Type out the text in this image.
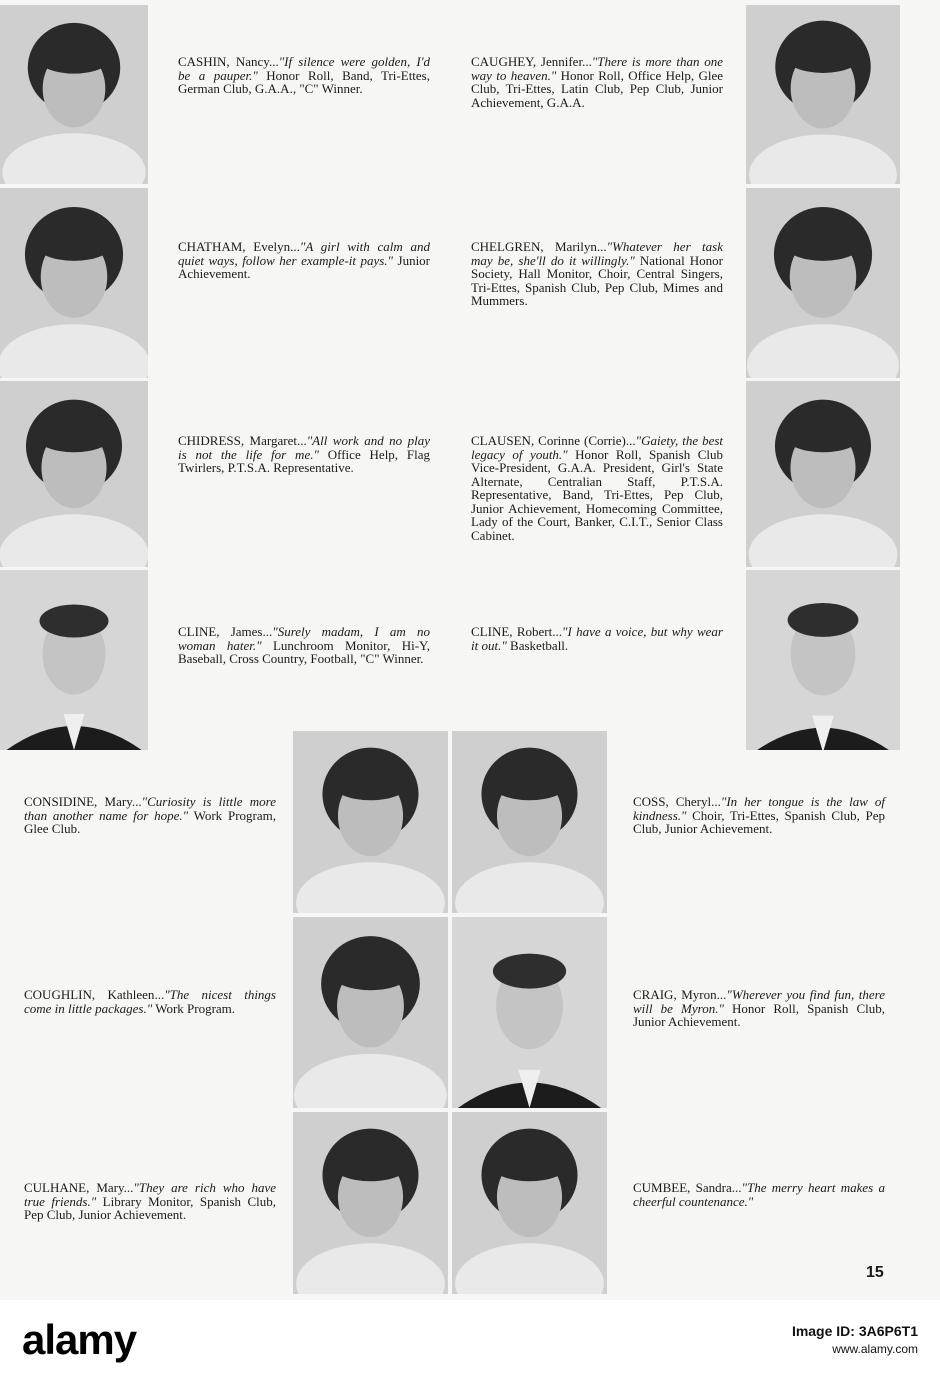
CASHIN, Nancy..."If silence were golden, I'd be a pauper." Honor Roll, Band, Tri-Ettes, German Club, G.A.A., "C" Winner.
CAUGHEY, Jennifer..."There is more than one way to heaven." Honor Roll, Office Help, Glee Club, Tri-Ettes, Latin Club, Pep Club, Junior Achievement, G.A.A.
CHATHAM, Evelyn..."A girl with calm and quiet ways, follow her example-it pays." Junior Achievement.
CHELGREN, Marilyn..."Whatever her task may be, she'll do it willingly." National Honor Society, Hall Monitor, Choir, Central Singers, Tri-Ettes, Spanish Club, Pep Club, Mimes and Mummers.
CHIDRESS, Margaret..."All work and no play is not the life for me." Office Help, Flag Twirlers, P.T.S.A. Representative.
CLAUSEN, Corinne (Corrie)..."Gaiety, the best legacy of youth." Honor Roll, Spanish Club Vice-President, G.A.A. President, Girl's State Alternate, Centralian Staff, P.T.S.A. Representative, Band, Tri-Ettes, Pep Club, Junior Achievement, Homecoming Committee, Lady of the Court, Banker, C.I.T., Senior Class Cabinet.
CLINE, James..."Surely madam, I am no woman hater." Lunchroom Monitor, Hi-Y, Baseball, Cross Country, Football, "C" Winner.
CLINE, Robert..."I have a voice, but why wear it out." Basketball.
CONSIDINE, Mary..."Curiosity is little more than another name for hope." Work Program, Glee Club.
COSS, Cheryl..."In her tongue is the law of kindness." Choir, Tri-Ettes, Spanish Club, Pep Club, Junior Achievement.
COUGHLIN, Kathleen..."The nicest things come in little packages." Work Program.
CRAIG, Myron..."Wherever you find fun, there will be Myron." Honor Roll, Spanish Club, Junior Achievement.
CULHANE, Mary..."They are rich who have true friends." Library Monitor, Spanish Club, Pep Club, Junior Achievement.
CUMBEE, Sandra..."The merry heart makes a cheerful countenance."
15
alamy	Image ID: 3A6P6T1
www.alamy.com
